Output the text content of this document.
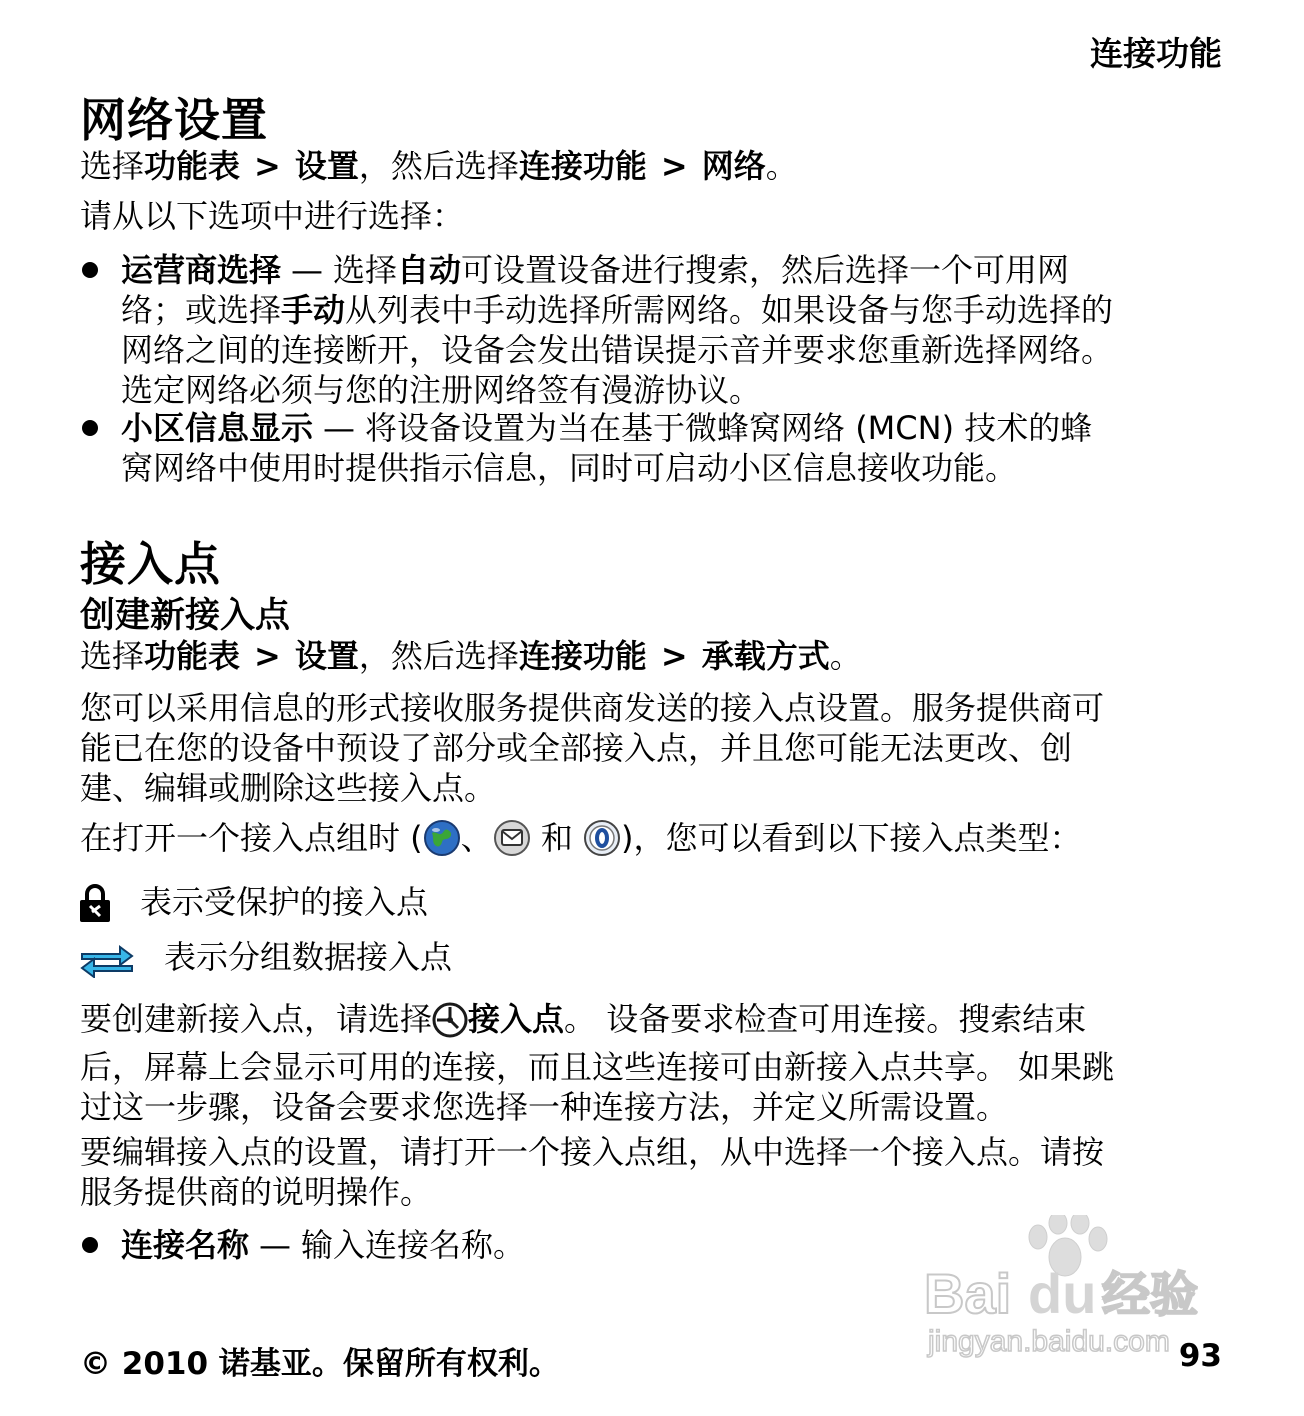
连接功能
网络设置
选择功能表 > 设置，然后选择连接功能 > 网络。
请从以下选项中进行选择：
运营商选择 — 选择自动可设置设备进行搜索，然后选择一个可用网
络；或选择手动从列表中手动选择所需网络。如果设备与您手动选择的
网络之间的连接断开，设备会发出错误提示音并要求您重新选择网络。
选定网络必须与您的注册网络签有漫游协议。
小区信息显示 — 将设备设置为当在基于微蜂窝网络 (MCN) 技术的蜂
窝网络中使用时提供指示信息，同时可启动小区信息接收功能。
接入点
创建新接入点
选择功能表 > 设置，然后选择连接功能 > 承载方式。
您可以采用信息的形式接收服务提供商发送的接入点设置。服务提供商可
能已在您的设备中预设了部分或全部接入点，并且您可能无法更改、创
建、编辑或删除这些接入点。
在打开一个接入点组时 ( 、 和 )，您可以看到以下接入点类型：
表示受保护的接入点
表示分组数据接入点
要创建新接入点，请选择 接入点。 设备要求检查可用连接。搜索结束
后，屏幕上会显示可用的连接，而且这些连接可由新接入点共享。 如果跳
过这一步骤，设备会要求您选择一种连接方法，并定义所需设置。
要编辑接入点的设置，请打开一个接入点组，从中选择一个接入点。请按
服务提供商的说明操作。
连接名称 — 输入连接名称。
Bai du 经验
jingyan.baidu.com
© 2010 诺基亚。保留所有权利。	93
